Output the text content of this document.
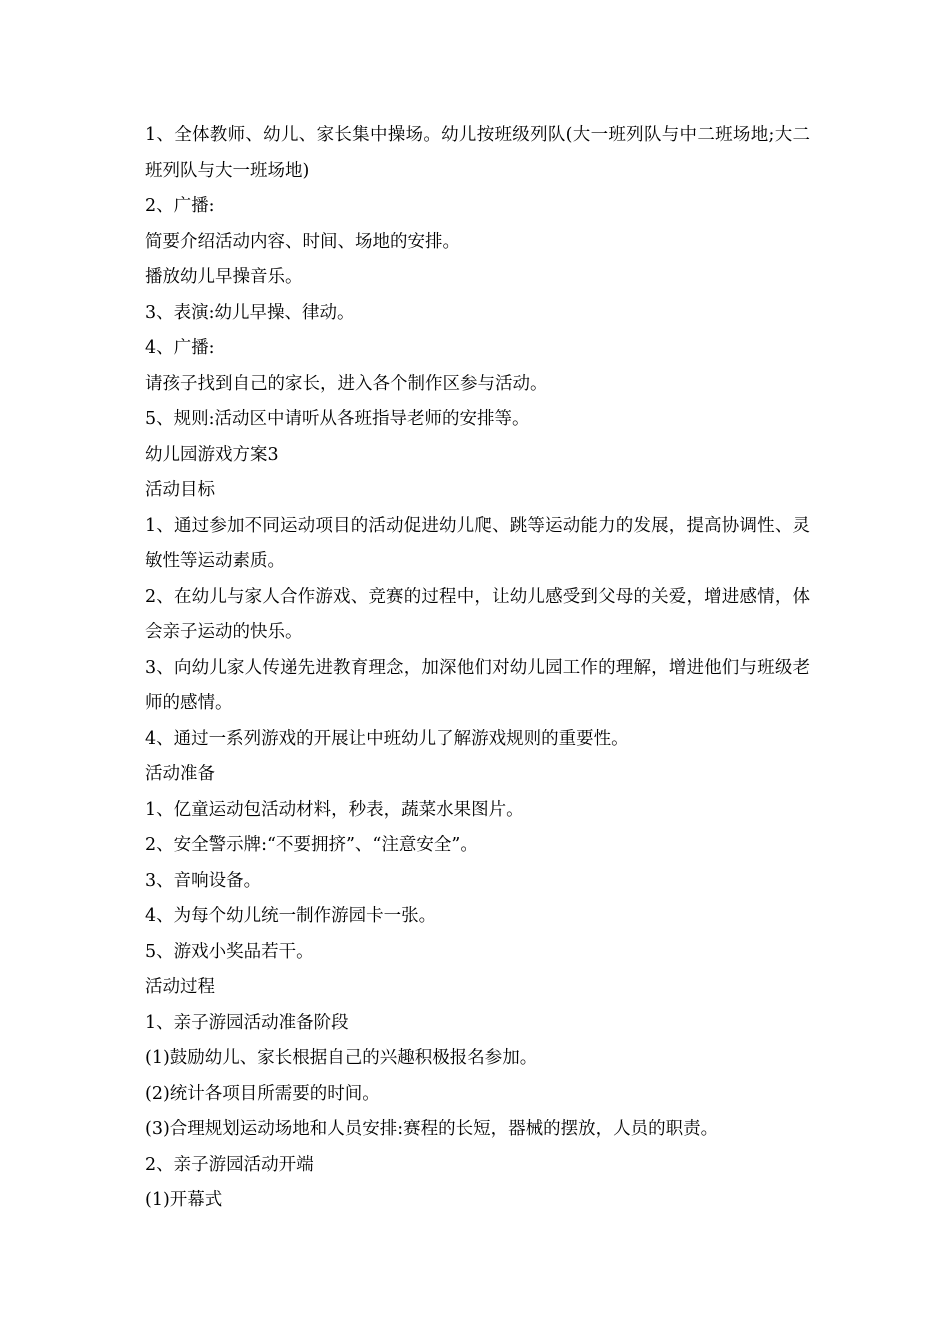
1、全体教师、幼儿、家长集中操场。幼儿按班级列队(大一班列队与中二班场地;大二班列队与大一班场地)

2、广播:

简要介绍活动内容、时间、场地的安排。

播放幼儿早操音乐。

3、表演:幼儿早操、律动。

4、广播:

请孩子找到自己的家长，进入各个制作区参与活动。

5、规则:活动区中请听从各班指导老师的安排等。

幼儿园游戏方案3

活动目标

1、通过参加不同运动项目的活动促进幼儿爬、跳等运动能力的发展，提高协调性、灵敏性等运动素质。

2、在幼儿与家人合作游戏、竞赛的过程中，让幼儿感受到父母的关爱，增进感情，体会亲子运动的快乐。

3、向幼儿家人传递先进教育理念，加深他们对幼儿园工作的理解，增进他们与班级老师的感情。

4、通过一系列游戏的开展让中班幼儿了解游戏规则的重要性。

活动准备

1、亿童运动包活动材料，秒表，蔬菜水果图片。

2、安全警示牌:“不要拥挤”、“注意安全”。

3、音响设备。

4、为每个幼儿统一制作游园卡一张。

5、游戏小奖品若干。

活动过程

1、亲子游园活动准备阶段

(1)鼓励幼儿、家长根据自己的兴趣积极报名参加。

(2)统计各项目所需要的时间。

(3)合理规划运动场地和人员安排:赛程的长短，器械的摆放，人员的职责。

2、亲子游园活动开端

(1)开幕式
